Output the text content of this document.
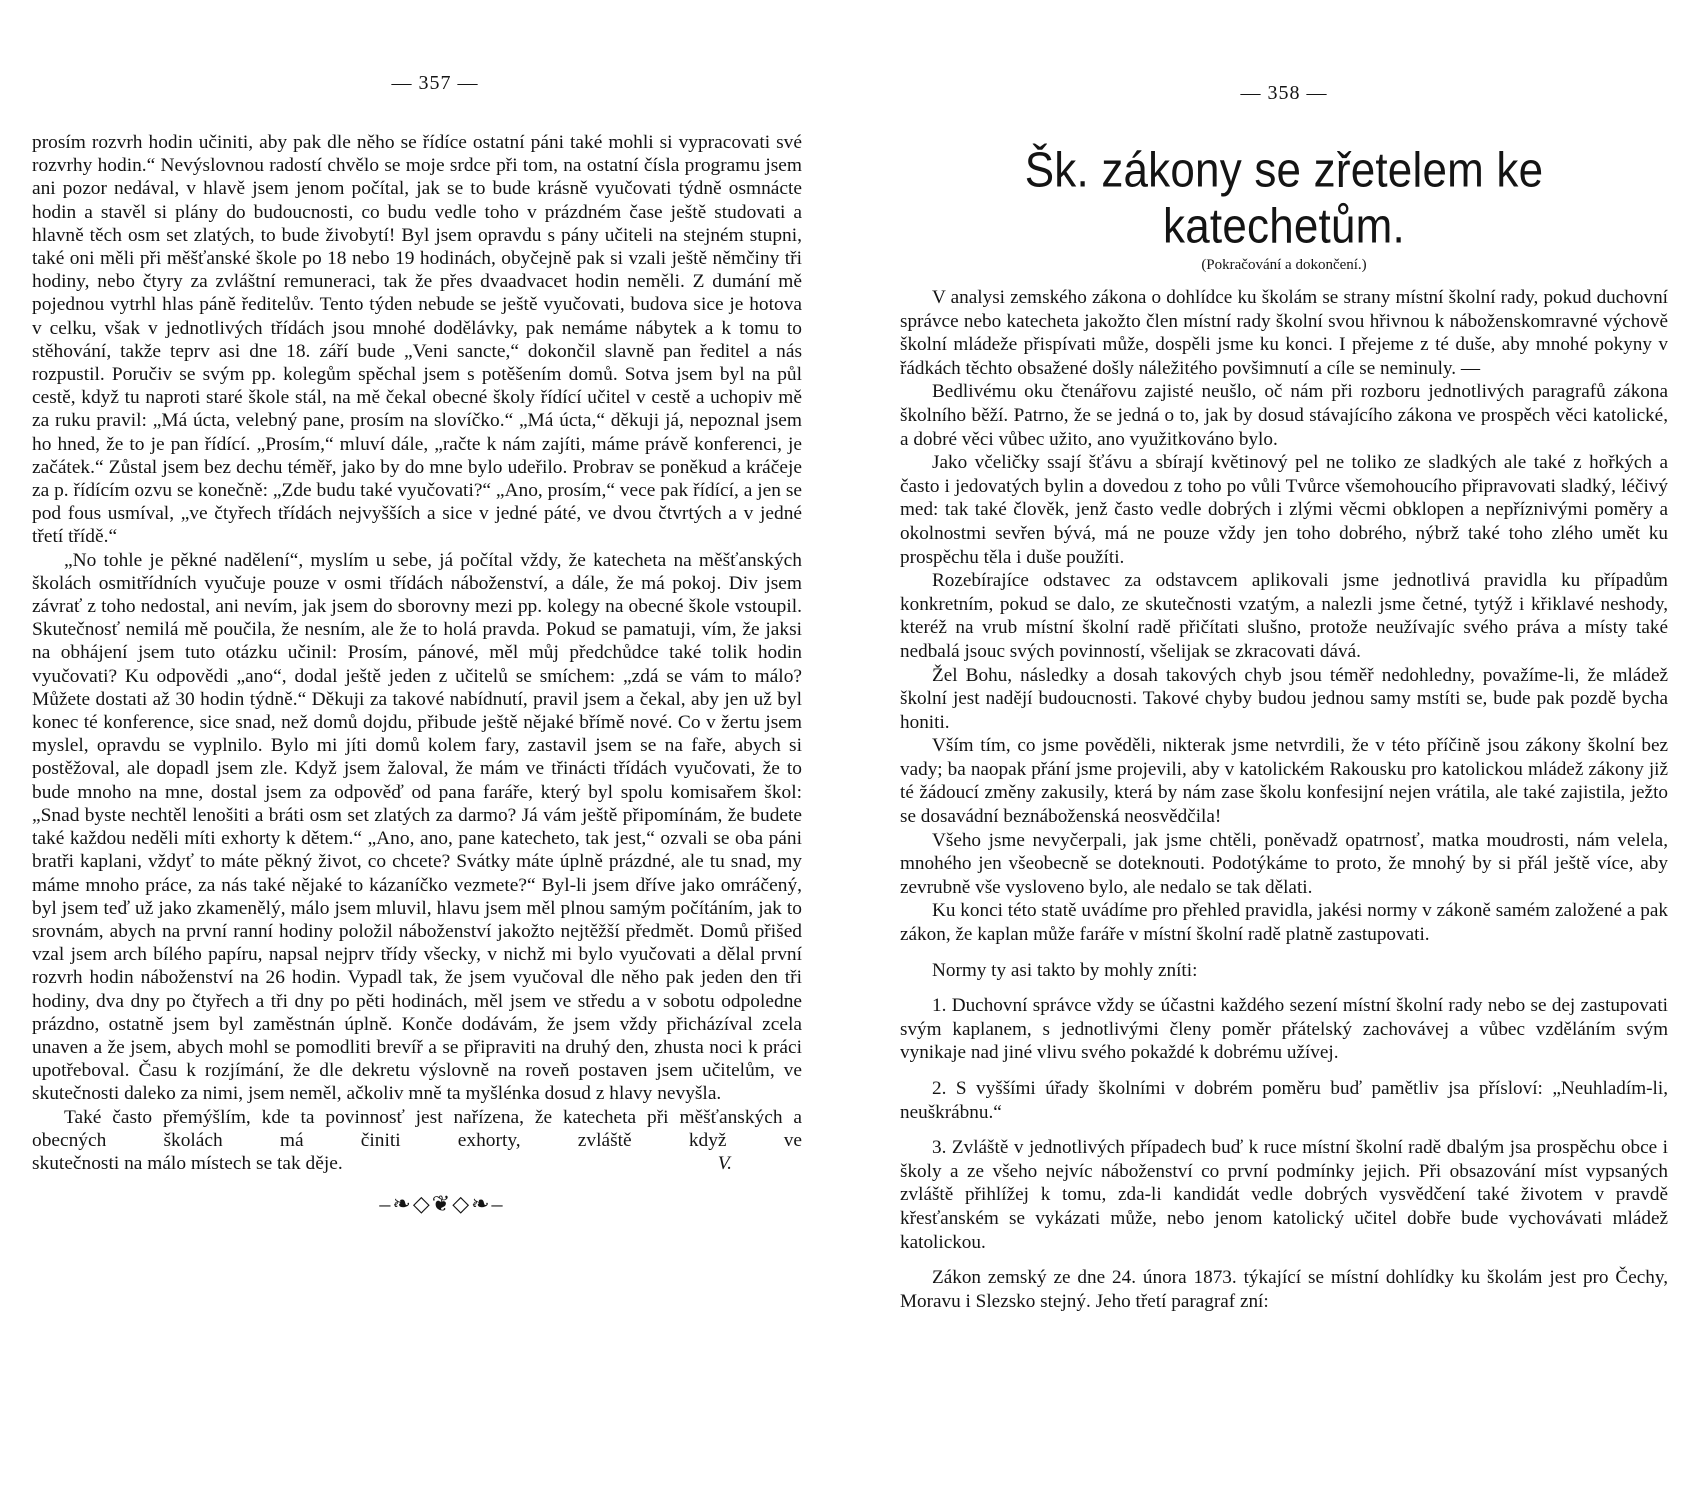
— 357 —

prosím rozvrh hodin učiniti, aby pak dle něho se řídíce ostatní páni také mohli si vypracovati své rozvrhy hodin.“ Nevýslovnou radostí chvělo se moje srdce při tom, na ostatní čísla programu jsem ani pozor nedával, v hlavě jsem jenom počítal, jak se to bude krásně vyučovati týdně osmnácte hodin a stavěl si plány do budoucnosti, co budu vedle toho v prázdném čase ještě studovati a hlavně těch osm set zlatých, to bude živobytí! Byl jsem opravdu s pány učiteli na stejném stupni, také oni měli při měšťanské škole po 18 nebo 19 hodinách, obyčejně pak si vzali ještě němčiny tři hodiny, nebo čtyry za zvláštní remuneraci, tak že přes dvaadvacet hodin neměli. Z dumání mě pojednou vytrhl hlas páně ředitelův. Tento týden nebude se ještě vyučovati, budova sice je hotova v celku, však v jednotlivých třídách jsou mnohé dodělávky, pak nemáme nábytek a k tomu to stěhování, takže teprv asi dne 18. září bude „Veni sancte,“ dokončil slavně pan ředitel a nás rozpustil. Poručiv se svým pp. kolegům spěchal jsem s potěšením domů. Sotva jsem byl na půl cestě, když tu naproti staré škole stál, na mě čekal obecné školy řídící učitel v cestě a uchopiv mě za ruku pravil: „Má úcta, velebný pane, prosím na slovíčko.“ „Má úcta,“ děkuji já, nepoznal jsem ho hned, že to je pan řídící. „Prosím,“ mluví dále, „račte k nám zajíti, máme právě konferenci, je začátek.“ Zůstal jsem bez dechu téměř, jako by do mne bylo udeřilo. Probrav se poněkud a kráčeje za p. řídícím ozvu se konečně: „Zde budu také vyučovati?“ „Ano, prosím,“ vece pak řídící, a jen se pod fous usmíval, „ve čtyřech třídách nejvyšších a sice v jedné páté, ve dvou čtvrtých a v jedné třetí třídě.“

„No tohle je pěkné nadělení“, myslím u sebe, já počítal vždy, že katecheta na měšťanských školách osmitřídních vyučuje pouze v osmi třídách náboženství, a dále, že má pokoj. Div jsem závrať z toho nedostal, ani nevím, jak jsem do sborovny mezi pp. kolegy na obecné škole vstoupil. Skutečnosť nemilá mě poučila, že nesním, ale že to holá pravda. Pokud se pamatuji, vím, že jaksi na obhájení jsem tuto otázku učinil: Prosím, pánové, měl můj předchůdce také tolik hodin vyučovati? Ku odpovědi „ano“, dodal ještě jeden z učitelů se smíchem: „zdá se vám to málo? Můžete dostati až 30 hodin týdně.“ Děkuji za takové nabídnutí, pravil jsem a čekal, aby jen už byl konec té konference, sice snad, než domů dojdu, přibude ještě nějaké břímě nové. Co v žertu jsem myslel, opravdu se vyplnilo. Bylo mi jíti domů kolem fary, zastavil jsem se na faře, abych si postěžoval, ale dopadl jsem zle. Když jsem žaloval, že mám ve třinácti třídách vyučovati, že to bude mnoho na mne, dostal jsem za odpověď od pana faráře, který byl spolu komisařem škol: „Snad byste nechtěl lenošiti a bráti osm set zlatých za darmo? Já vám ještě připomínám, že budete také každou neděli míti exhorty k dětem.“ „Ano, ano, pane katecheto, tak jest,“ ozvali se oba páni bratři kaplani, vždyť to máte pěkný život, co chcete? Svátky máte úplně prázdné, ale tu snad, my máme mnoho práce, za nás také nějaké to kázaníčko vezmete?“ Byl-li jsem dříve jako omráčený, byl jsem teď už jako zkamenělý, málo jsem mluvil, hlavu jsem měl plnou samým počítáním, jak to srovnám, abych na první ranní hodiny položil náboženství jakožto nejtěžší předmět. Domů přišed vzal jsem arch bílého papíru, napsal nejprv třídy všecky, v nichž mi bylo vyučovati a dělal první rozvrh hodin náboženství na 26 hodin. Vypadl tak, že jsem vyučoval dle něho pak jeden den tři hodiny, dva dny po čtyřech a tři dny po pěti hodinách, měl jsem ve středu a v sobotu odpoledne prázdno, ostatně jsem byl zaměstnán úplně. Konče dodávám, že jsem vždy přicházíval zcela unaven a že jsem, abych mohl se pomodliti brevíř a se připraviti na druhý den, zhusta noci k práci upotřeboval. Času k rozjímání, že dle dekretu výslovně na roveň postaven jsem učitelům, ve skutečnosti daleko za nimi, jsem neměl, ačkoliv mně ta myšlénka dosud z hlavy nevyšla.

Také často přemýšlím, kde ta povinnosť jest nařízena, že katecheta při měšťanských a obecných školách má činiti exhorty, zvláště když ve

skutečnosti na málo místech se tak děje.	V.
–❧◇❦◇❧–
— 358 —
Šk. zákony se zřetelem ke katechetům.
(Pokračování a dokončení.)

V analysi zemského zákona o dohlídce ku školám se strany místní školní rady, pokud duchovní správce nebo katecheta jakožto člen místní rady školní svou hřivnou k náboženskomravné výchově školní mládeže přispívati může, dospěli jsme ku konci. I přejeme z té duše, aby mnohé pokyny v řádkách těchto obsažené došly náležitého povšimnutí a cíle se neminuly. —

Bedlivému oku čtenářovu zajisté neušlo, oč nám při rozboru jednotlivých paragrafů zákona školního běží. Patrno, že se jedná o to, jak by dosud stávajícího zákona ve prospěch věci katolické, a dobré věci vůbec užito, ano využitkováno bylo.

Jako včeličky ssají šťávu a sbírají květinový pel ne toliko ze sladkých ale také z hořkých a často i jedovatých bylin a dovedou z toho po vůli Tvůrce všemohoucího připravovati sladký, léčivý med: tak také člověk, jenž často vedle dobrých i zlými věcmi obklopen a nepříznivými poměry a okolnostmi sevřen bývá, má ne pouze vždy jen toho dobrého, nýbrž také toho zlého umět ku prospěchu těla i duše použíti.

Rozebírajíce odstavec za odstavcem aplikovali jsme jednotlivá pravidla ku případům konkretním, pokud se dalo, ze skutečnosti vzatým, a nalezli jsme četné, tytýž i křiklavé neshody, kteréž na vrub místní školní radě přičítati slušno, protože neužívajíc svého práva a místy také nedbalá jsouc svých povinností, všelijak se zkracovati dává.

Žel Bohu, následky a dosah takových chyb jsou téměř nedohledny, považíme-li, že mládež školní jest nadějí budoucnosti. Takové chyby budou jednou samy mstíti se, bude pak pozdě bycha honiti.

Vším tím, co jsme pověděli, nikterak jsme netvrdili, že v této příčině jsou zákony školní bez vady; ba naopak přání jsme projevili, aby v katolickém Rakousku pro katolickou mládež zákony již té žádoucí změny zakusily, která by nám zase školu konfesijní nejen vrátila, ale také zajistila, ježto se dosavádní beznáboženská neosvědčila!

Všeho jsme nevyčerpali, jak jsme chtěli, poněvadž opatrnosť, matka moudrosti, nám velela, mnohého jen všeobecně se doteknouti. Podotýkáme to proto, že mnohý by si přál ještě více, aby zevrubně vše vysloveno bylo, ale nedalo se tak dělati.

Ku konci této statě uvádíme pro přehled pravidla, jakési normy v zákoně samém založené a pak zákon, že kaplan může faráře v místní školní radě platně zastupovati.

Normy ty asi takto by mohly zníti:

1. Duchovní správce vždy se účastni každého sezení místní školní rady nebo se dej zastupovati svým kaplanem, s jednotlivými členy poměr přátelský zachovávej a vůbec vzděláním svým vynikaje nad jiné vlivu svého pokaždé k dobrému užívej.

2. S vyššími úřady školními v dobrém poměru buď pamětliv jsa přísloví: „Neuhladím-li, neuškrábnu.“

3. Zvláště v jednotlivých případech buď k ruce místní školní radě dbalým jsa prospěchu obce i školy a ze všeho nejvíc náboženství co první podmínky jejich. Při obsazování míst vypsaných zvláště přihlížej k tomu, zda-li kandidát vedle dobrých vysvědčení také životem v pravdě křesťanském se vykázati může, nebo jenom katolický učitel dobře bude vychovávati mládež katolickou.

Zákon zemský ze dne 24. února 1873. týkající se místní dohlídky ku školám jest pro Čechy, Moravu i Slezsko stejný. Jeho třetí paragraf zní:
